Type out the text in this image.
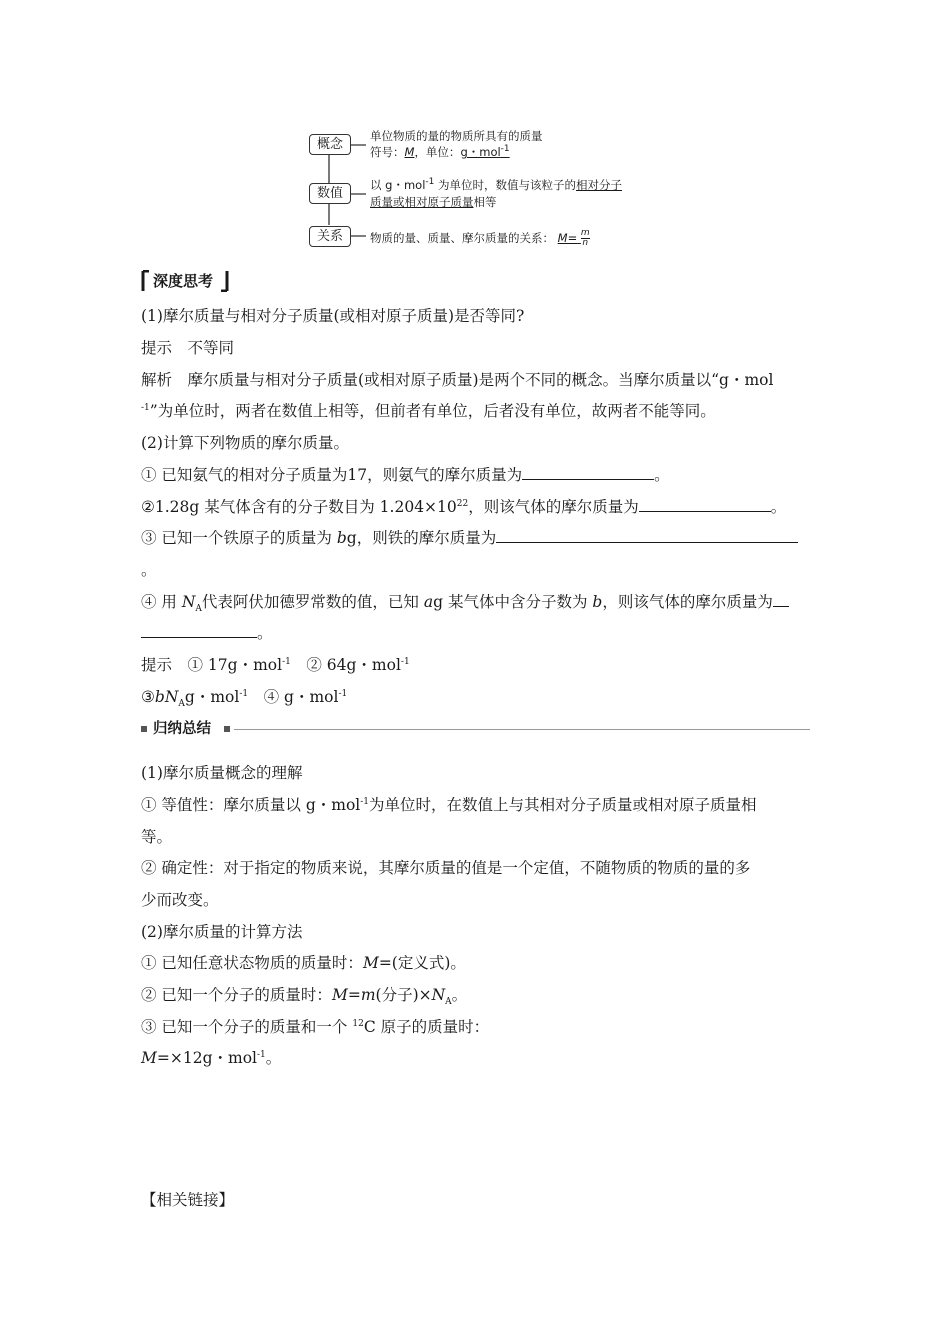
概念
数值
关系
单位物质的量的物质所具有的质量
符号：M，单位：g・mol$^{-1}$
以 g・mol$^{-1}$ 为单位时，数值与该粒子的相对分子
质量或相对原子质量相等
物质的量、质量、摩尔质量的关系： $M= \frac{m}{n}$
深度思考
(1)摩尔质量与相对分子质量(或相对原子质量)是否等同?
提示　不等同
解析　摩尔质量与相对分子质量(或相对原子质量)是两个不同的概念。当摩尔质量以“g・mol
$^{-1}$”为单位时，两者在数值上相等，但前者有单位，后者没有单位，故两者不能等同。
(2)计算下列物质的摩尔质量。
① 已知氨气的相对分子质量为17，则氨气的摩尔质量为	。
②1.28g 某气体含有的分子数目为 $1.204\times 10^{22}$，则该气体的摩尔质量为	。
③ 已知一个铁原子的质量为 bg，则铁的摩尔质量为
。
④ 用 $N_A$代表阿伏加德罗常数的值，已知 ag 某气体中含分子数为 b，则该气体的摩尔质量为
。
提示　① 17g・mol$^{-1}$　② 64g・mol$^{-1}$
$③bN_Ag$・mol$^{-1}$　④ g・mol$^{-1}$
归纳总结
(1)摩尔质量概念的理解
① 等值性：摩尔质量以 g・mol$^{-1}$为单位时，在数值上与其相对分子质量或相对原子质量相
等。
② 确定性：对于指定的物质来说，其摩尔质量的值是一个定值，不随物质的物质的量的多
少而改变。
(2)摩尔质量的计算方法
① 已知任意状态物质的质量时：M=(定义式)。
② 已知一个分子的质量时：M=m(分子)$\times N_A$。
③ 已知一个分子的质量和一个 $^{12}$C 原子的质量时：
M=×12g・mol$^{-1}$。
【相关链接】
